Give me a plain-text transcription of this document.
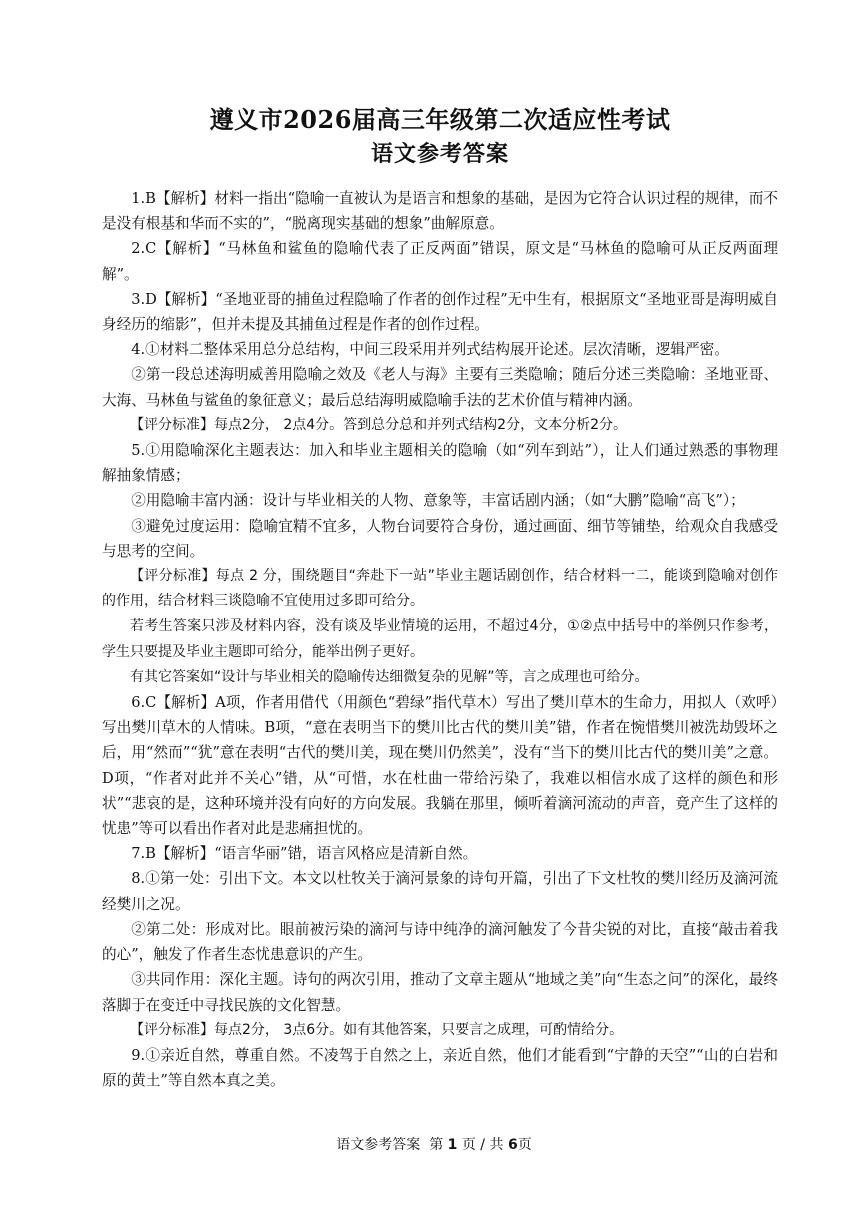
遵义市2026届高三年级第二次适应性考试
语文参考答案

1.B【解析】材料一指出“隐喻一直被认为是语言和想象的基础，是因为它符合认识过程的规律，而不是没有根基和华而不实的”，“脱离现实基础的想象”曲解原意。

2.C【解析】“马林鱼和鲨鱼的隐喻代表了正反两面”错误，原文是“马林鱼的隐喻可从正反两面理解”。

3.D【解析】“圣地亚哥的捕鱼过程隐喻了作者的创作过程”无中生有，根据原文“圣地亚哥是海明威自身经历的缩影”，但并未提及其捕鱼过程是作者的创作过程。

4.①材料二整体采用总分总结构，中间三段采用并列式结构展开论述。层次清晰，逻辑严密。

②第一段总述海明威善用隐喻之效及《老人与海》主要有三类隐喻；随后分述三类隐喻：圣地亚哥、大海、马林鱼与鲨鱼的象征意义；最后总结海明威隐喻手法的艺术价值与精神内涵。

【评分标准】每点2分， 2点4分。答到总分总和并列式结构2分，文本分析2分。

5.①用隐喻深化主题表达：加入和毕业主题相关的隐喻（如“列车到站”），让人们通过熟悉的事物理解抽象情感；

②用隐喻丰富内涵：设计与毕业相关的人物、意象等，丰富话剧内涵；（如“大鹏”隐喻“高飞”）；

③避免过度运用：隐喻宜精不宜多，人物台词要符合身份，通过画面、细节等铺垫，给观众自我感受与思考的空间。

【评分标准】每点 2 分，围绕题目“奔赴下一站”毕业主题话剧创作，结合材料一二，能谈到隐喻对创作的作用，结合材料三谈隐喻不宜使用过多即可给分。

若考生答案只涉及材料内容，没有谈及毕业情境的运用，不超过4分，①②点中括号中的举例只作参考，学生只要提及毕业主题即可给分，能举出例子更好。

有其它答案如“设计与毕业相关的隐喻传达细微复杂的见解”等，言之成理也可给分。

6.C【解析】A项，作者用借代（用颜色“碧绿”指代草木）写出了樊川草木的生命力，用拟人（欢呼）写出樊川草木的人情味。B项，“意在表明当下的樊川比古代的樊川美”错，作者在惋惜樊川被洗劫毁坏之后，用“然而”“犹”意在表明“古代的樊川美，现在樊川仍然美”，没有“当下的樊川比古代的樊川美”之意。D项，“作者对此并不关心”错，从“可惜，水在杜曲一带给污染了，我难以相信水成了这样的颜色和形状”“悲哀的是，这种环境并没有向好的方向发展。我躺在那里，倾听着滴河流动的声音，竟产生了这样的忧患”等可以看出作者对此是悲痛担忧的。

7.B【解析】“语言华丽”错，语言风格应是清新自然。

8.①第一处：引出下文。本文以杜牧关于滴河景象的诗句开篇，引出了下文杜牧的樊川经历及滴河流经樊川之况。

②第二处：形成对比。眼前被污染的滴河与诗中纯净的滴河触发了今昔尖锐的对比，直接“敲击着我的心”，触发了作者生态忧患意识的产生。

③共同作用：深化主题。诗句的两次引用，推动了文章主题从“地域之美”向“生态之问”的深化，最终落脚于在变迁中寻找民族的文化智慧。

【评分标准】每点2分， 3点6分。如有其他答案，只要言之成理，可酌情给分。

9.①亲近自然，尊重自然。不凌驾于自然之上，亲近自然，他们才能看到“宁静的天空”“山的白岩和原的黄土”等自然本真之美。

语文参考答案  第 1 页 / 共 6页
